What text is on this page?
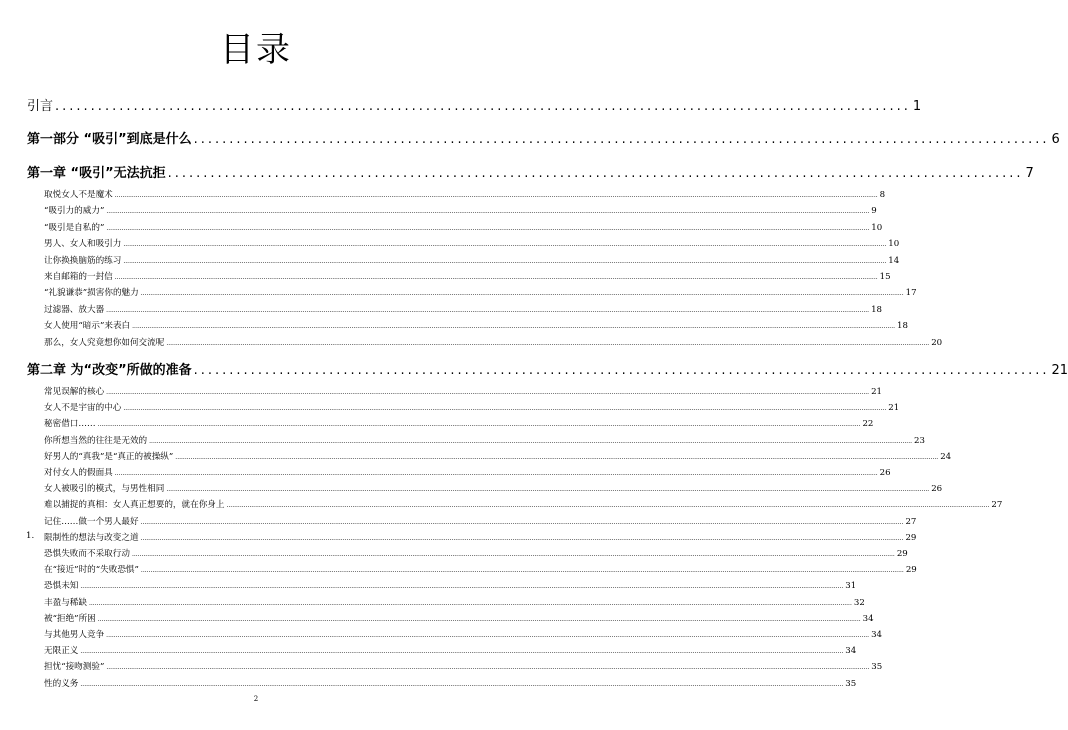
目录
引言 ........................................................................................................................ 1
第一部分 “吸引”到底是什么 ........................................................................................................................ 6
第一章 “吸引”无法抗拒 ........................................................................................................................ 7
取悦女人不是魔术 ................................................................................................................................................................................................................................................................................................................................................................................................................ 8
“吸引力的威力” ................................................................................................................................................................................................................................................................................................................................................................................................................ 9
“吸引是自私的” ................................................................................................................................................................................................................................................................................................................................................................................................................ 10
男人、女人和吸引力 ................................................................................................................................................................................................................................................................................................................................................................................................................ 10
让你换换脑筋的练习 ................................................................................................................................................................................................................................................................................................................................................................................................................ 14
来自邮箱的一封信 ................................................................................................................................................................................................................................................................................................................................................................................................................ 15
“礼貌谦恭”损害你的魅力 ................................................................................................................................................................................................................................................................................................................................................................................................................ 17
过滤器、放大器 ................................................................................................................................................................................................................................................................................................................................................................................................................ 18
女人使用“暗示”来表白 ................................................................................................................................................................................................................................................................................................................................................................................................................ 18
那么，女人究竟想你如何交流呢 ................................................................................................................................................................................................................................................................................................................................................................................................................ 20
第二章 为“改变”所做的准备 ........................................................................................................................ 21
常见误解的核心 ................................................................................................................................................................................................................................................................................................................................................................................................................ 21
女人不是宇宙的中心 ................................................................................................................................................................................................................................................................................................................................................................................................................ 21
秘密借口…… ................................................................................................................................................................................................................................................................................................................................................................................................................ 22
你所想当然的往往是无效的 ................................................................................................................................................................................................................................................................................................................................................................................................................ 23
好男人的“真我”是“真正的被操纵” ................................................................................................................................................................................................................................................................................................................................................................................................................ 24
对付女人的假面具 ................................................................................................................................................................................................................................................................................................................................................................................................................ 26
女人被吸引的模式，与男性相同 ................................................................................................................................................................................................................................................................................................................................................................................................................ 26
难以捕捉的真相：女人真正想要的，就在你身上 ................................................................................................................................................................................................................................................................................................................................................................................................................ 27
记住……做一个男人最好 ................................................................................................................................................................................................................................................................................................................................................................................................................ 27
1. 限制性的想法与改变之道 ................................................................................................................................................................................................................................................................................................................................................................................................................ 29
恐惧失败而不采取行动 ................................................................................................................................................................................................................................................................................................................................................................................................................ 29
在“接近”时的“失败恐惧” ................................................................................................................................................................................................................................................................................................................................................................................................................ 29
恐惧未知 ................................................................................................................................................................................................................................................................................................................................................................................................................ 31
丰盈与稀缺 ................................................................................................................................................................................................................................................................................................................................................................................................................ 32
被“拒绝”所困 ................................................................................................................................................................................................................................................................................................................................................................................................................ 34
与其他男人竞争 ................................................................................................................................................................................................................................................................................................................................................................................................................ 34
无限正义 ................................................................................................................................................................................................................................................................................................................................................................................................................ 34
担忧“接吻测验” ................................................................................................................................................................................................................................................................................................................................................................................................................ 35
性的义务 ................................................................................................................................................................................................................................................................................................................................................................................................................ 35
2
